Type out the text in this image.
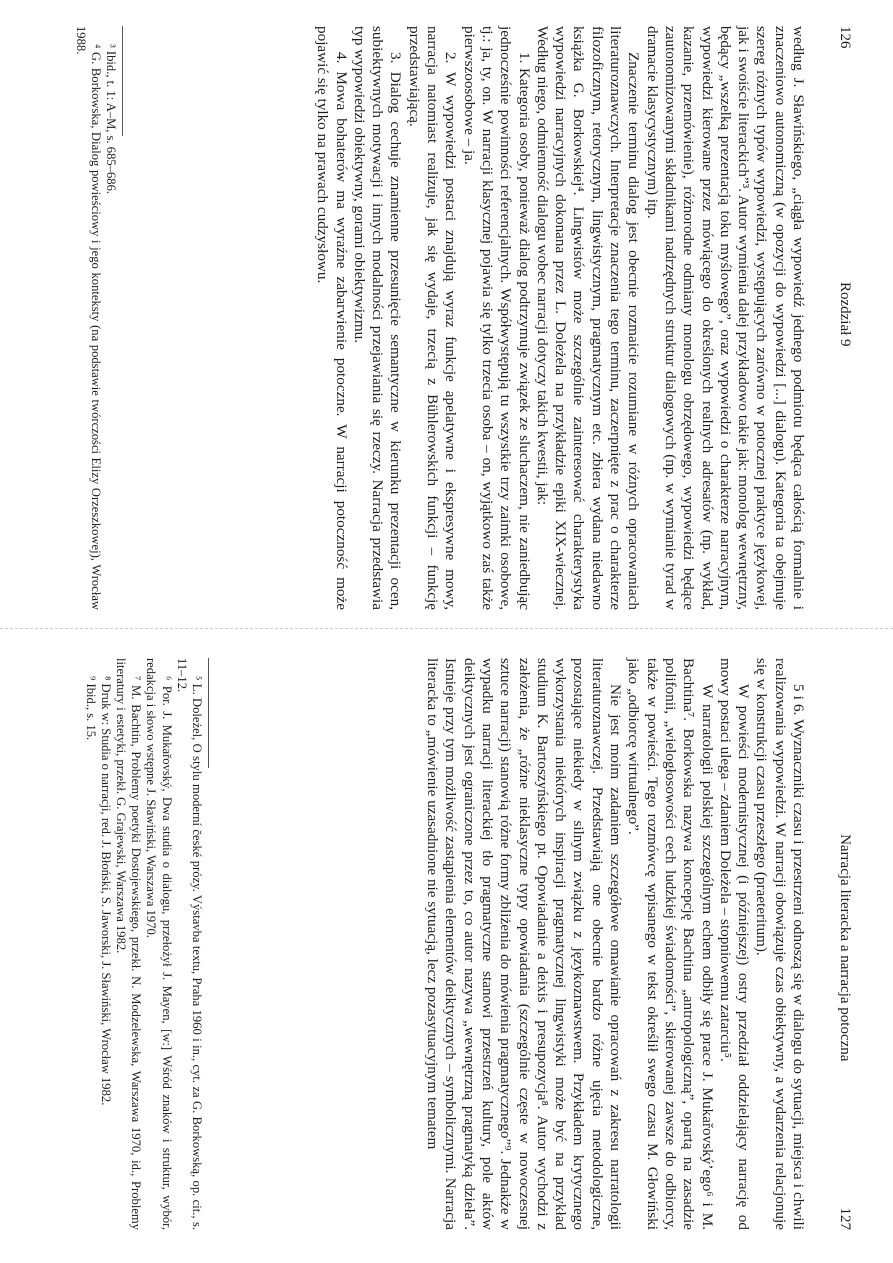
126
Rozdział 9

według J. Sławińskiego, „ciągła wypowiedź jednego podmiotu będąca całością formalnie i znaczeniowo autonomiczną (w opozycji do wypowiedzi [...] dialogu). Kategoria ta obejmuje szereg różnych typów wypowiedzi, występujących zarówno w potocznej praktyce językowej, jak i swoiście literackich”³. Autor wymienia dalej przykładowo takie jak: monolog wewnętrzny, będący „wszelką prezentacją toku myślowego”, oraz wypowiedzi o charakterze narracyjnym, wypowiedzi kierowane przez mówiącego do określonych realnych adresatów (np. wykład, kazanie, przemówienie), różnorodne odmiany monologu obrzędowego, wypowiedzi będące zautonomizowanymi składnikami nadrzędnych struktur dialogowych (np. w wymianie tyrad w dramacie klasycystycznym) itp.

Znaczenie terminu dialog jest obecnie rozmaicie rozumiane w różnych opracowaniach literaturoznawczych. Interpretacje znaczenia tego terminu, zaczerpnięte z prac o charakterze filozoficznym, retorycznym, lingwistycznym, pragmatycznym etc. zbiera wydana niedawno książka G. Borkowskiej⁴. Lingwistów może szczególnie zainteresować charakterystyka wypowiedzi narracyjnych dokonana przez L. Doleżela na przykładzie epiki XIX-wiecznej. Według niego, odmienność dialogu wobec narracji dotyczy takich kwestii, jak:

1. Kategoria osoby, ponieważ dialog podtrzymuje związek ze sluchaczem, nie zaniedbując jednocześnie powinności referencjalnych. Współwystępują tu wszystkie trzy zaimki osobowe, tj.: ja, ty, on. W narracji klasycznej pojawia się tylko trzecia osoba – on, wyjątkowo zaś także pierwszoosobowe – ja.

2. W wypowiedzi postaci znajdują wyraz funkcje apelatywne i ekspresywne mowy, narracja natomiast realizuje, jak się wydaje, trzecią z Bühlerowskich funkcji – funkcję przedstawiającą.

3. Dialog cechuje znamienne przesunięcie semantyczne w kierunku prezentacji ocen, subiektywnych motywacji i innych modalności przejawiania się rzeczy. Narracja przedstawia typ wypowiedzi obiektywny, gorami obiektywizmu.

4. Mowa bohaterów ma wyraźne zabarwienie potoczne. W narracji potoczność może pojawić się tylko na prawach cudzysłowu.

³ Ibid., t. 1: A–M, s. 685–686.

⁴ G. Borkowska, Dialog powieściowy i jego konteksty (na podstawie twórczości Elizy Orzeszkowej), Wrocław 1988.

Narracja literacka a narracja potoczna
127

5 i 6. Wyznaczniki czasu i przestrzeni odnoszą się w dialogu do sytuacji, miejsca i chwili realizowania wypowiedzi. W narracji obowiązuje czas obiektywny, a wydarzenia relacjonuje się w konstrukcji czasu przeszłego (praeteritum).

W powieści modernistycznej (i późniejszej) ostry przedział oddzielający narrację od mowy postaci ulega – zdaniem Doleżela – stopniowemu zatarciu⁵.

W narratologii polskiej szczególnym echem odbiły się prace J. Mukařovský’ego⁶ i M. Bachtina⁷. Borkowska nazywa koncepcję Bachtina „antropologiczną”, opartą na zasadzie polifonii, „wielogłosowości cech ludzkiej świadomości”, skierowanej zawsze do odbiorcy, także w powieści. Tego rozmówcę wpisanego w tekst określił swego czasu M. Głowiński jako „odbiorcę wirtualnego”.

Nie jest moim zadaniem szczegółowe omawianie opracowań z zakresu narratologii literaturoznawczej. Przedstawiają one obecnie bardzo różne ujęcia metodologiczne, pozostające niekiedy w silnym związku z językoznawstwem. Przykładem krytycznego wykorzystania niektórych inspiracji pragmatycznej lingwistyki może być na przykład studium K. Bartoszyńskiego pt. Opowiadanie a deixis i presupozycja⁸. Autor wychodzi z założenia, że „różne nieklasyczne typy opowiadania (szczególnie częste w nowoczesnej sztuce narracji) stanowią różne formy zbliżenia do mówienia pragmatycznego”⁹. Jednakże w wypadku narracji literackiej tło pragmatyczne stanowi przestrzeń kultury, pole aktów deiktycznych jest ograniczone przez to, co autor nazywa „wewnętrzną pragmatyką dzieła”. Istnieje przy tym możliwość zastąpienia elementów deiktycznych – symbolicznymi. Narracja literacka to „mówienie uzasadnione nie sytuacją, lecz pozasytuacyjnym tematem

⁵ L. Doleżel, O stylu moderní české prózy. Výstavba textu, Praha 1960 i in., cyt. za G. Borkowską, op. cit., s. 11–12.

⁶ Por. J. Mukařovský, Dwa studia o dialogu, przełożył J. Mayen, [w:] Wśród znaków i struktur, wybór, redakcja i słowo wstępne J. Sławiński, Warszawa 1970.

⁷ M. Bachtin, Problemy poetyki Dostojewskiego, przekł. N. Modzelewska, Warszawa 1970, id., Problemy literatury i estetyki, przekł. G. Grajewski, Warszawa 1982.

⁸ Druk w: Studia o narracji, red. J. Błoński, S. Jaworski, J. Sławiński, Wrocław 1982.

⁹ Ibid., s. 15.
